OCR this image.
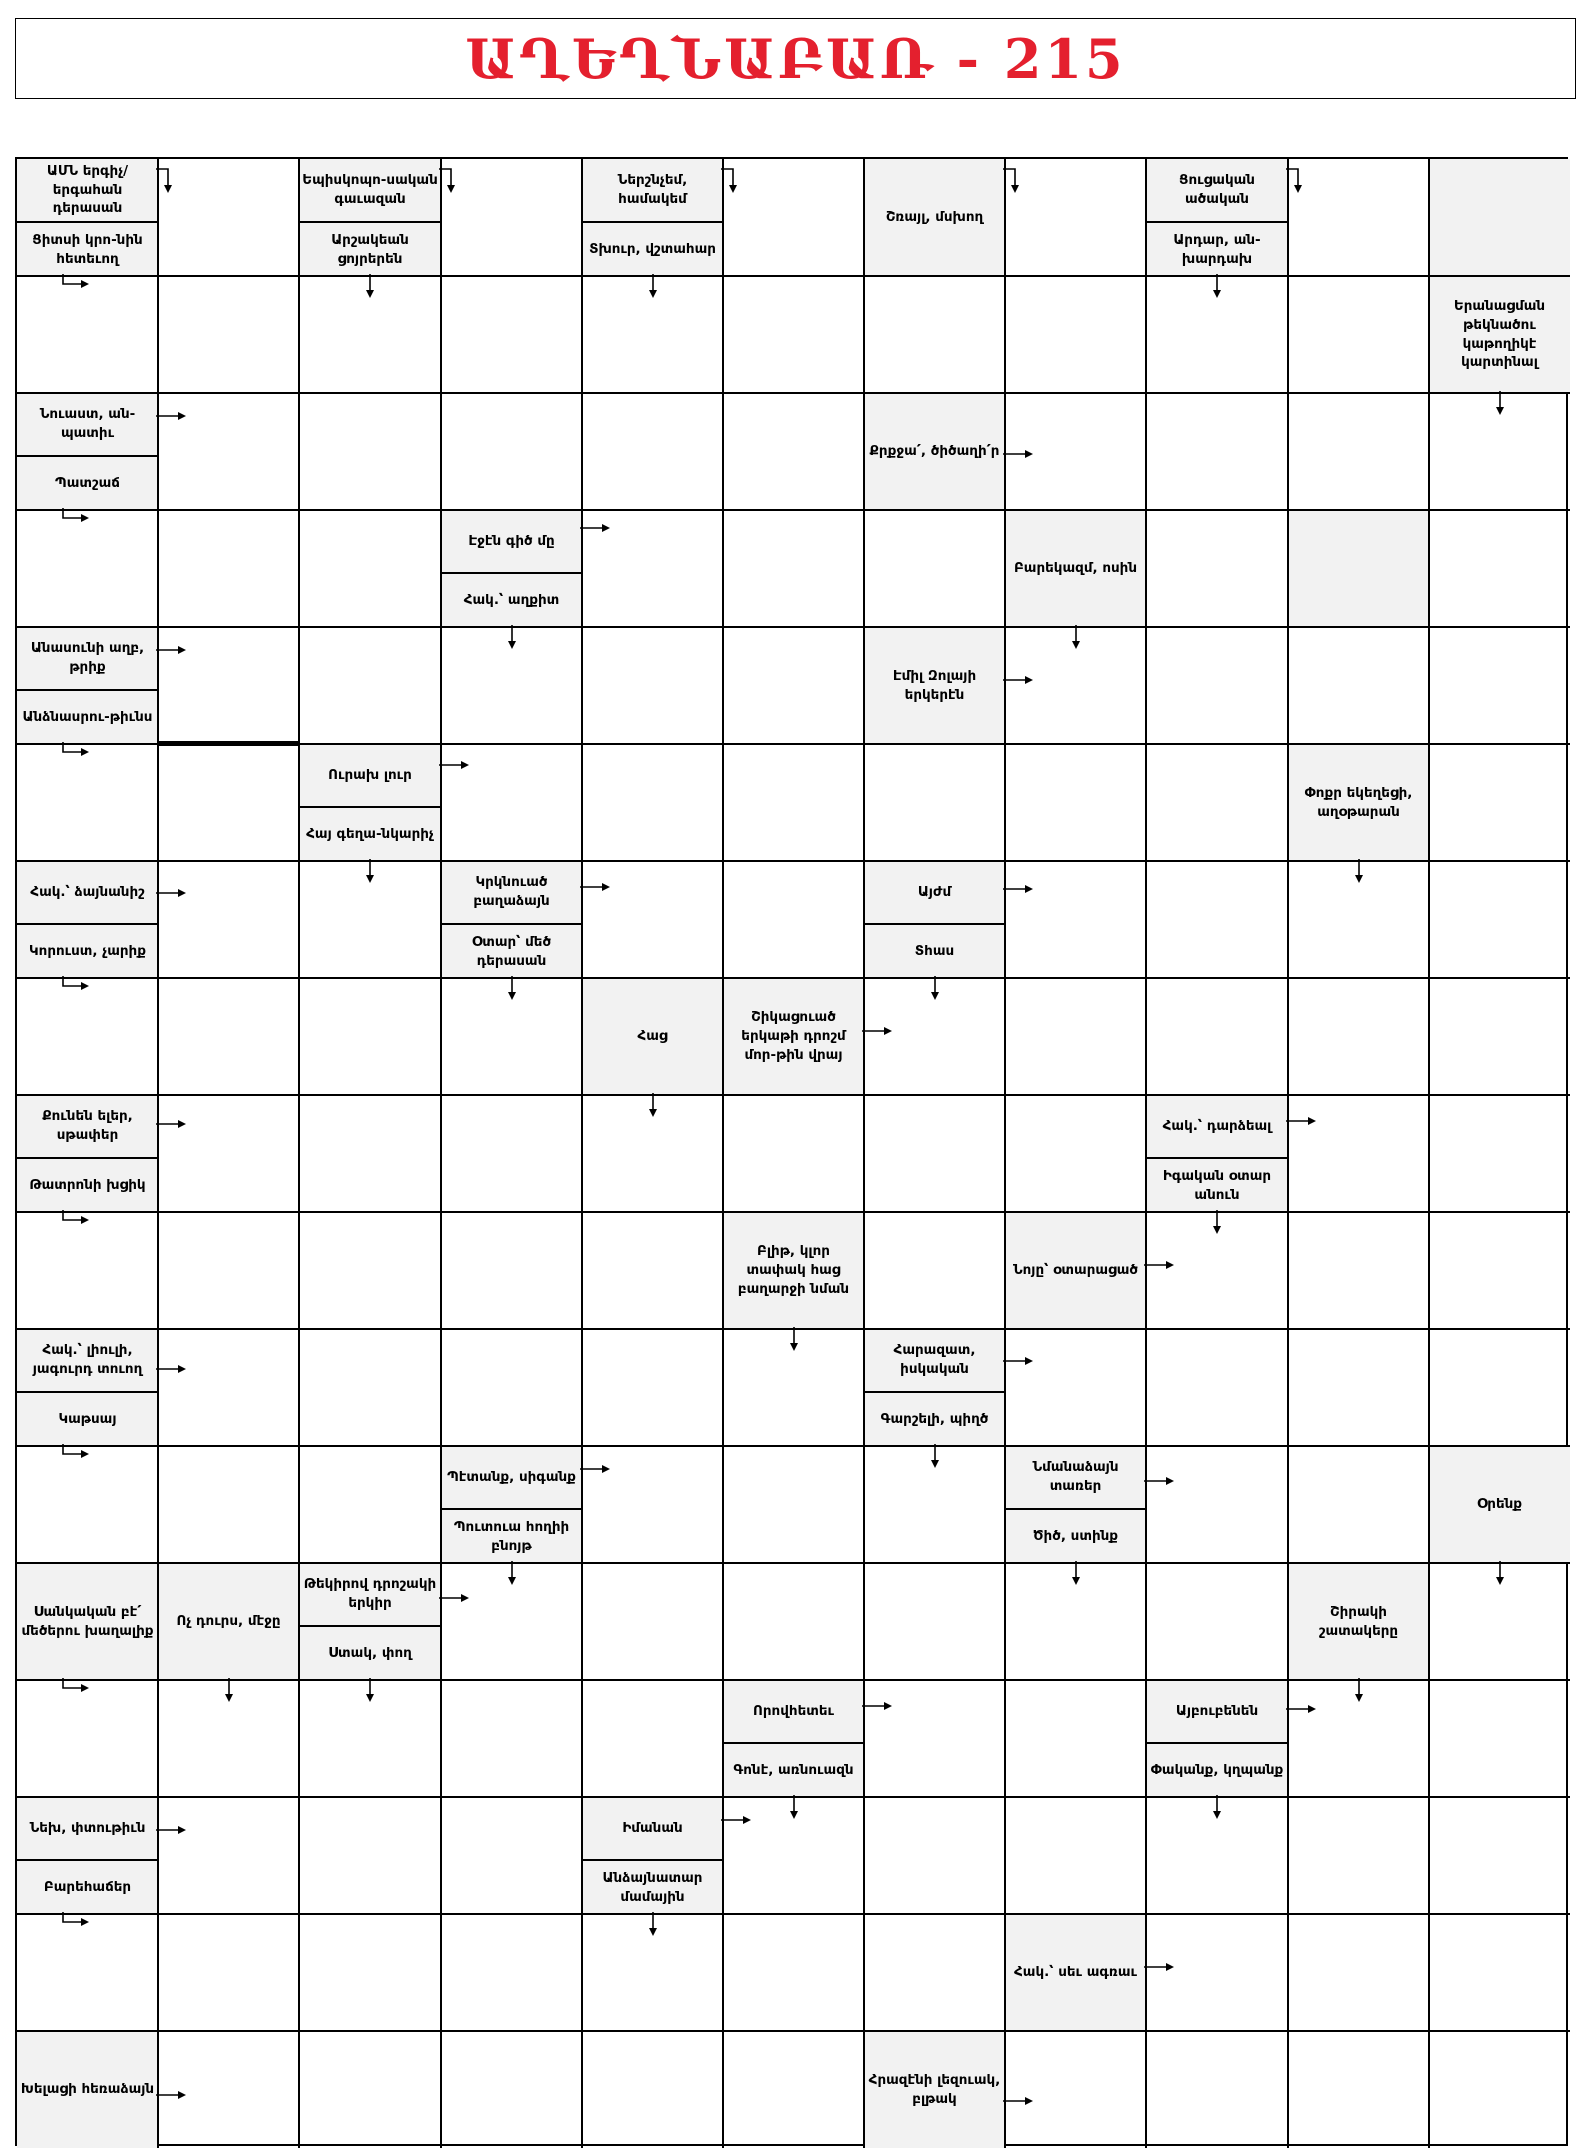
ԱՂԵՂՆԱԲԱՌ - 215
Շռայլ, մսխող
Երանացման թեկնածու կաթողիկէ կարտինալ
Քրքջա՛, ծիծաղի՛ր
Բարեկազմ, ոսին
Էմիլ Զոլայի երկերէն
Փոքր եկեղեցի, աղօթարան
Հաց
Շիկացուած երկաթի դրոշմ մոր-թին վրայ
Բլիթ, կլոր տափակ հաց բաղարջի նման
Նոյը՝ օտարացած
Օրենք
Սանկական բէ՛ մեծերու խաղալիք
Ոչ դուրս, մէջը
Շիրակի շատակերը
Հակ.՝ սեւ ագռաւ
Խելացի հեռաձայն
Հրազէնի լեզուակ, բլթակ
ԱՄՆ երգիչ/երգահան դերասան
Ցիտսի կրո-նին հետեւող
Եպիսկոպո-սական գաւազան
Արշակեան ցոյրերեն
Ներշնչեմ, համակեմ
Տխուր, վշտահար
Ցուցական ածական
Արդար, ան-խարդախ
Նուաստ, ան-պատիւ
Պատշաճ
Էջէն գիծ մը
Հակ.՝ աղքիտ
Անասունի աղբ, թրիք
Անձնասրու-թիւնս
Ուրախ լուր
Հայ գեղա-նկարիչ
Հակ.՝ ձայնանիշ
Կորուստ, չարիք
Կրկնուած բաղաձայն
Օտար՝ մեծ դերասան
Այժմ
Տհաս
Քունեն ելեր, սթափեր
Թատրոնի խցիկ
Հակ.՝ դարձեալ
Իգական օտար անուն
Հակ.՝ լիուլի, յագուրդ տուող
Կաթսայ
Հարազատ, իսկական
Գարշելի, պիղծ
Պէտանք, սիգանք
Պուտուա հողիի բնոյթ
Նմանաձայն տառեր
Ծիծ, ստինք
Թեկիրով դրոշակի երկիր
Ստակ, փող
Որովհետեւ
Գոնէ, առնուազն
Այբուբենեն
Փականք, կղպանք
Նեխ, փտութիւն
Բարեհաճեր
Իմանան
Անձայնատար մամային
